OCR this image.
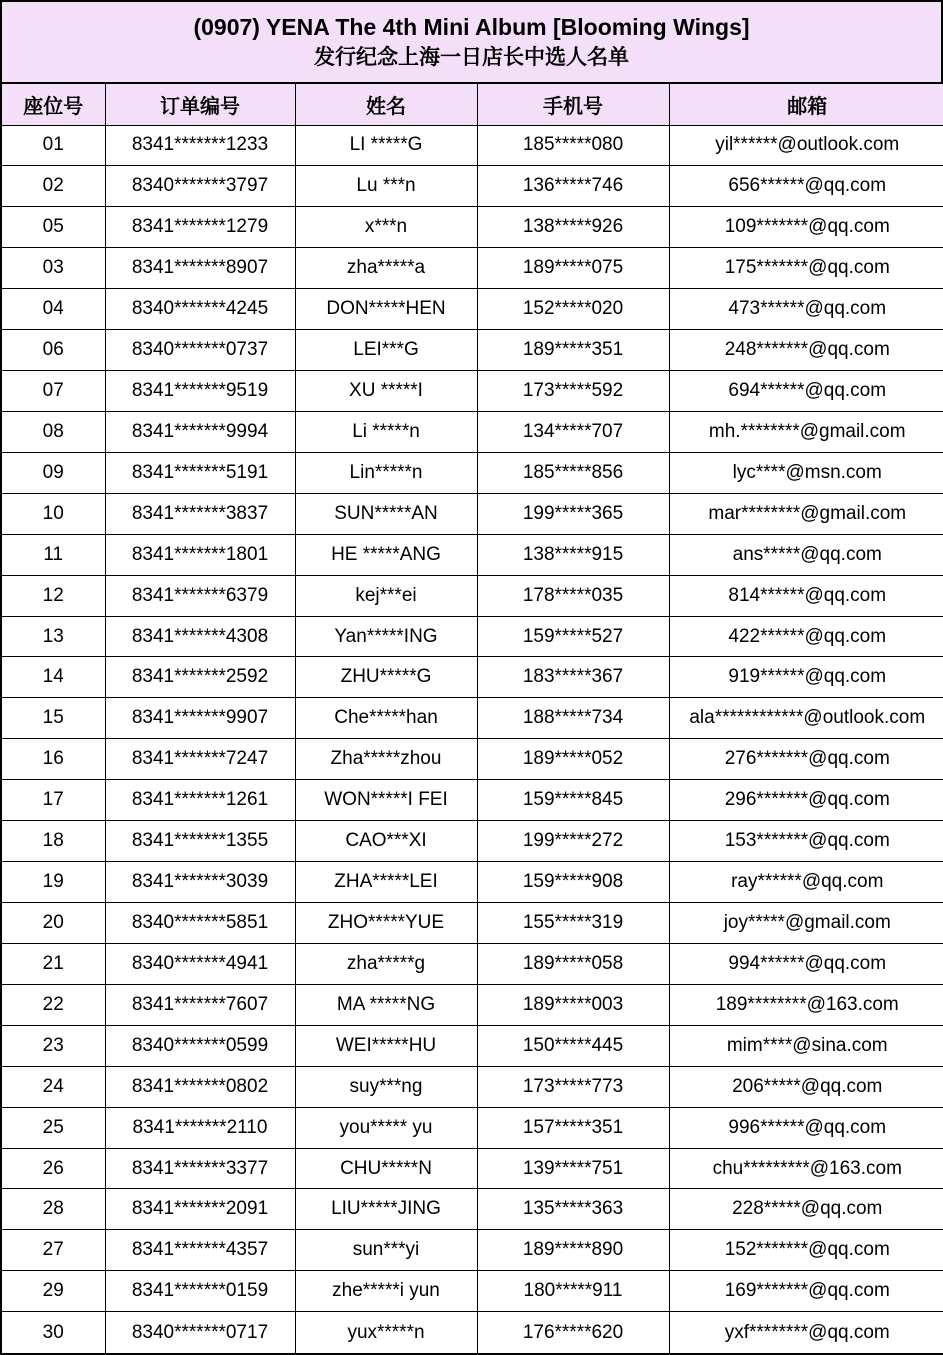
(0907) YENA The 4th Mini Album [Blooming Wings]
发行纪念上海一日店长中选人名单
座位号	订单编号	姓名	手机号	邮箱
01	8341*******1233	LI *****G	185*****080	yil******@outlook.com
02	8340*******3797	Lu ***n	136*****746	656******@qq.com
05	8341*******1279	x***n	138*****926	109*******@qq.com
03	8341*******8907	zha*****a	189*****075	175*******@qq.com
04	8340*******4245	DON*****HEN	152*****020	473******@qq.com
06	8340*******0737	LEI***G	189*****351	248*******@qq.com
07	8341*******9519	XU *****I	173*****592	694******@qq.com
08	8341*******9994	Li *****n	134*****707	mh.********@gmail.com
09	8341*******5191	Lin*****n	185*****856	lyc****@msn.com
10	8341*******3837	SUN*****AN	199*****365	mar********@gmail.com
11	8341*******1801	HE *****ANG	138*****915	ans*****@qq.com
12	8341*******6379	kej***ei	178*****035	814******@qq.com
13	8341*******4308	Yan*****ING	159*****527	422******@qq.com
14	8341*******2592	ZHU*****G	183*****367	919******@qq.com
15	8341*******9907	Che*****han	188*****734	ala************@outlook.com
16	8341*******7247	Zha*****zhou	189*****052	276*******@qq.com
17	8341*******1261	WON*****I FEI	159*****845	296*******@qq.com
18	8341*******1355	CAO***XI	199*****272	153*******@qq.com
19	8341*******3039	ZHA*****LEI	159*****908	ray******@qq.com
20	8340*******5851	ZHO*****YUE	155*****319	joy*****@gmail.com
21	8340*******4941	zha*****g	189*****058	994******@qq.com
22	8341*******7607	MA *****NG	189*****003	189********@163.com
23	8340*******0599	WEI*****HU	150*****445	mim****@sina.com
24	8341*******0802	suy***ng	173*****773	206*****@qq.com
25	8341*******2110	you***** yu	157*****351	996******@qq.com
26	8341*******3377	CHU*****N	139*****751	chu*********@163.com
28	8341*******2091	LIU*****JING	135*****363	228*****@qq.com
27	8341*******4357	sun***yi	189*****890	152*******@qq.com
29	8341*******0159	zhe*****i yun	180*****911	169*******@qq.com
30	8340*******0717	yux*****n	176*****620	yxf********@qq.com
